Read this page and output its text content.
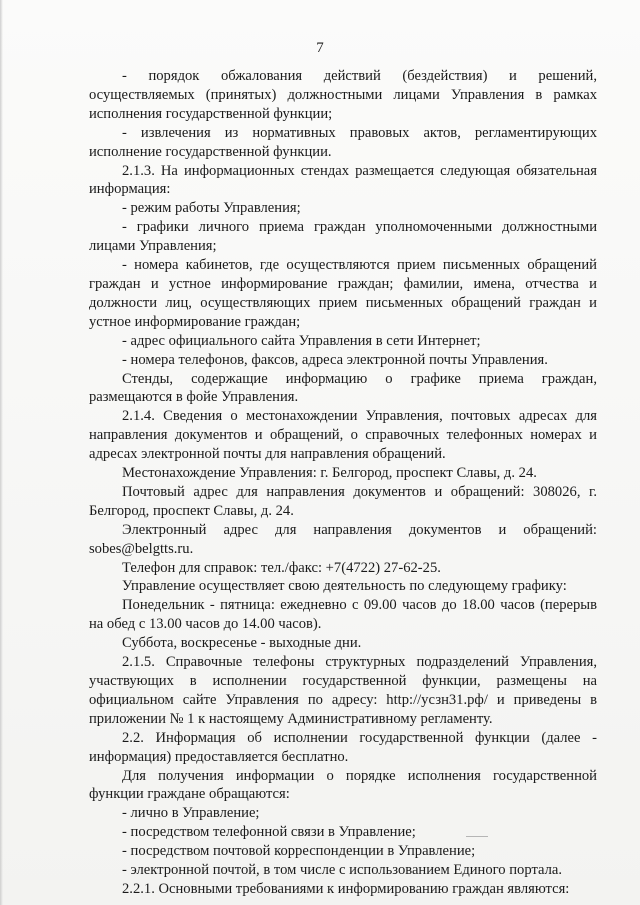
7

- порядок обжалования действий (бездействия) и решений, осуществляемых (принятых) должностными лицами Управления в рамках исполнения государственной функции;

- извлечения из нормативных правовых актов, регламентирующих исполнение государственной функции.

2.1.3. На информационных стендах размещается следующая обязательная информация:

- режим работы Управления;

- графики личного приема граждан уполномоченными должностными лицами Управления;

- номера кабинетов, где осуществляются прием письменных обращений граждан и устное информирование граждан; фамилии, имена, отчества и должности лиц, осуществляющих прием письменных обращений граждан и устное информирование граждан;

- адрес официального сайта Управления в сети Интернет;

- номера телефонов, факсов, адреса электронной почты Управления.

Стенды, содержащие информацию о графике приема граждан, размещаются в фойе Управления.

2.1.4. Сведения о местонахождении Управления, почтовых адресах для направления документов и обращений, о справочных телефонных номерах и адресах электронной почты для направления обращений.

Местонахождение Управления: г. Белгород, проспект Славы, д. 24.

Почтовый адрес для направления документов и обращений: 308026, г. Белгород, проспект Славы, д. 24.

Электронный адрес для направления документов и обращений: sobes@belgtts.ru.

Телефон для справок: тел./факс: +7(4722) 27-62-25.

Управление осуществляет свою деятельность по следующему графику:

Понедельник - пятница: ежедневно с 09.00 часов до 18.00 часов (перерыв на обед с 13.00 часов до 14.00 часов).

Суббота, воскресенье - выходные дни.

2.1.5. Справочные телефоны структурных подразделений Управления, участвующих в исполнении государственной функции, размещены на официальном сайте Управления по адресу: http://усзн31.рф/ и приведены в приложении № 1 к настоящему Административному регламенту.

2.2. Информация об исполнении государственной функции (далее - информация) предоставляется бесплатно.

Для получения информации о порядке исполнения государственной функции граждане обращаются:

- лично в Управление;

- посредством телефонной связи в Управление;

- посредством почтовой корреспонденции в Управление;

- электронной почтой, в том числе с использованием Единого портала.

2.2.1. Основными требованиями к информированию граждан являются:
